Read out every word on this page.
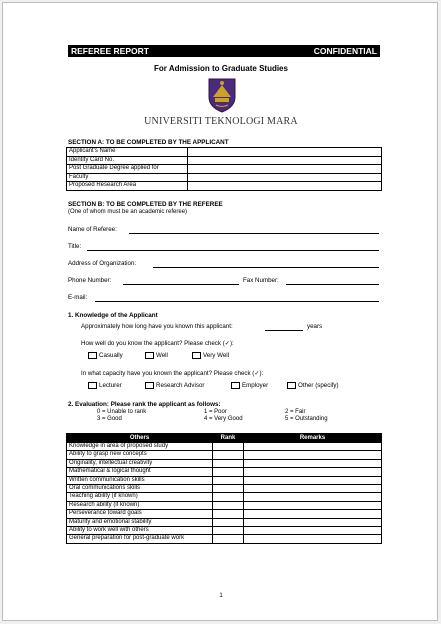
REFEREE REPORT	CONFIDENTIAL
For Admission to Graduate Studies
UNIVERSITI TEKNOLOGI MARA
SECTION A: TO BE COMPLETED BY THE APPLICANT
Applicant's Name	
Identity Card No.	
Post Graduate Degree applied for	
Faculty	
Proposed Research Area	
SECTION B: TO BE COMPLETED BY THE REFEREE
(One of whom must be an academic referee)
Name of Referee:
Title:
Address of Organization:
Phone Number:	Fax Number:
E-mail:
1. Knowledge of the Applicant
Approximately how long have you known this applicant:	years
How well do you know the applicant? Please check (✓):
Casually	Well	Very Well
In what capacity have you known the applicant? Please check (✓):
Lecturer	Research Advisor	Employer	Other (specify)
2. Evaluation: Please rank the applicant as follows:
0 = Unable to rank	1 = Poor	2 = Fair
3 = Good	4 = Very Good	5 = Outstanding
Others	Rank	Remarks
Knowledge in area of proposed study		
Ability to grasp new concepts		
Originality, intellectual creativity		
Mathematical & logical thought		
Written communication skills		
Oral communications skills		
Teaching ability (if known)		
Research ability (if known)		
Perseverance toward goals		
Maturity and emotional stability		
Ability to work well with others		
General preparation for post-graduate work		
1
